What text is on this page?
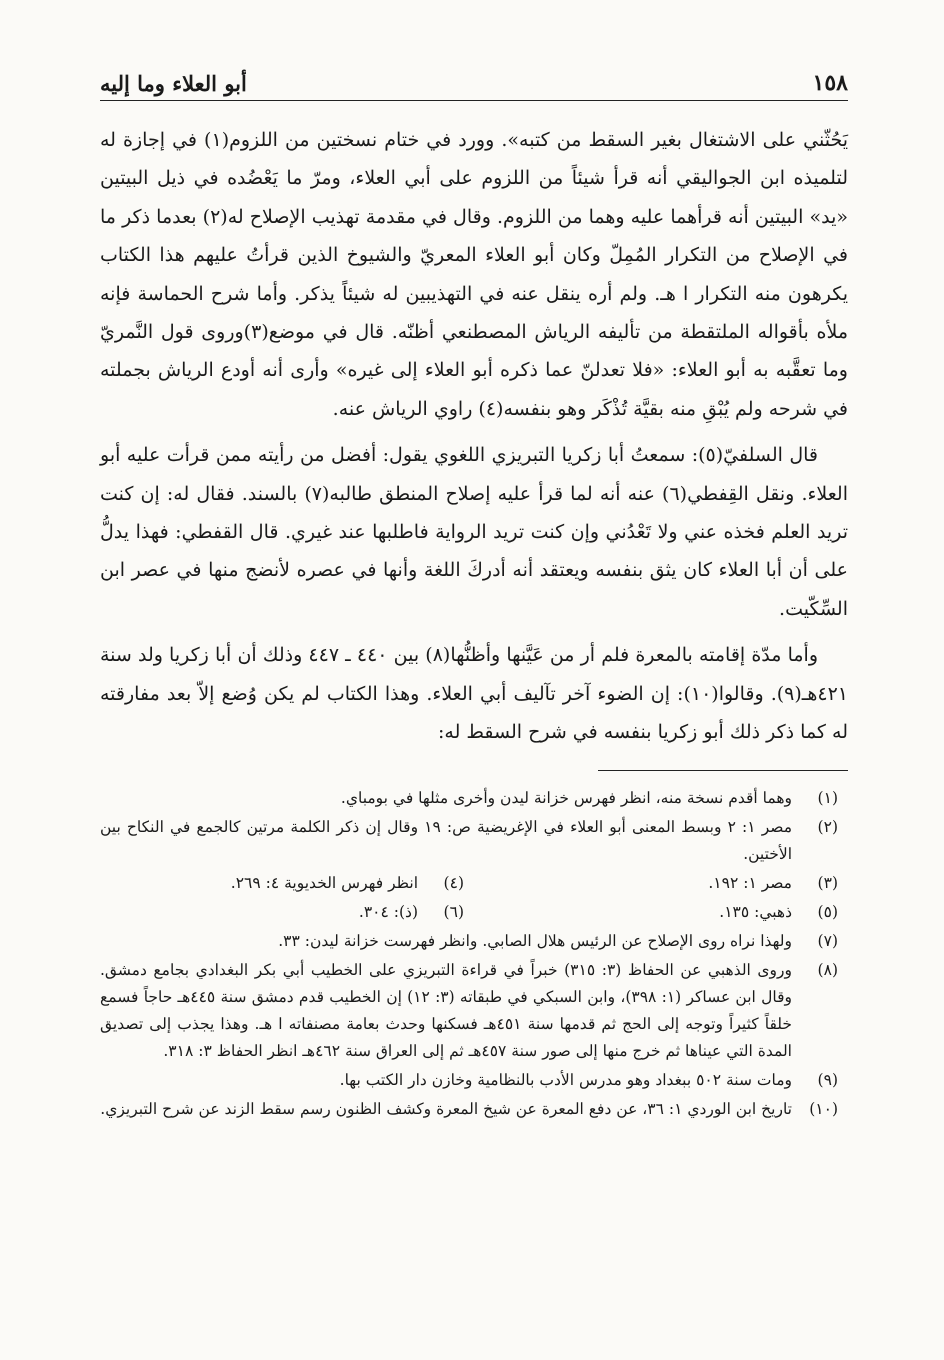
١٥٨
أبو العلاء وما إليه

يَحُثّني على الاشتغال بغير السقط من كتبه». وورد في ختام نسختين من اللزوم(١) في إجازة له لتلميذه ابن الجواليقي أنه قرأ شيئاً من اللزوم على أبي العلاء، ومرّ ما يَعْضُده في ذيل البيتين «يد» البيتين أنه قرأهما عليه وهما من اللزوم. وقال في مقدمة تهذيب الإصلاح له(٢) بعدما ذكر ما في الإصلاح من التكرار المُمِلّ وكان أبو العلاء المعريّ والشيوخ الذين قرأتُ عليهم هذا الكتاب يكرهون منه التكرار ا هـ. ولم أره ينقل عنه في التهذيبين له شيئاً يذكر. وأما شرح الحماسة فإنه ملأه بأقواله الملتقطة من تأليفه الرياش المصطنعي أظنّه. قال في موضع(٣)وروى قول النَّمريّ وما تعقَّبه به أبو العلاء: «فلا تعدلنّ عما ذكره أبو العلاء إلى غيره» وأرى أنه أودع الرياش بجملته في شرحه ولم يُبْقِ منه بقيَّة تُذْكَر وهو بنفسه(٤) راوي الرياش عنه.

قال السلفيّ(٥): سمعتُ أبا زكريا التبريزي اللغوي يقول: أفضل من رأيته ممن قرأت عليه أبو العلاء. ونقل القِفطي(٦) عنه أنه لما قرأ عليه إصلاح المنطق طالبه(٧) بالسند. فقال له: إن كنت تريد العلم فخذه عني ولا تَعْدُني وإن كنت تريد الرواية فاطلبها عند غيري. قال القفطي: فهذا يدلُّ على أن أبا العلاء كان يثق بنفسه ويعتقد أنه أدركَ اللغة وأنها في عصره لأنضج منها في عصر ابن السِّكّيت.

وأما مدّة إقامته بالمعرة فلم أر من عَيَّنها وأظنُّها(٨) بين ٤٤٠ ـ ٤٤٧ وذلك أن أبا زكريا ولد سنة ٤٢١هـ(٩). وقالوا(١٠): إن الضوء آخر تآليف أبي العلاء. وهذا الكتاب لم يكن وُضع إلاّ بعد مفارقته له كما ذكر ذلك أبو زكريا بنفسه في شرح السقط له:

(١)
وهما أقدم نسخة منه، انظر فهرس خزانة ليدن وأخرى مثلها في بومباي.
(٢)
مصر ١: ٢ وبسط المعنى أبو العلاء في الإغريضية ص: ١٩ وقال إن ذكر الكلمة مرتين كالجمع في النكاح بين الأختين.
(٣)
مصر ١: ١٩٢.
(٤)
انظر فهرس الخديوية ٤: ٢٦٩.
(٥)
ذهبي: ١٣٥.
(٦)
(ذ): ٣٠٤.
(٧)
ولهذا نراه روى الإصلاح عن الرئيس هلال الصابي. وانظر فهرست خزانة ليدن: ٣٣.
(٨)
وروى الذهبي عن الحفاظ (٣: ٣١٥) خبراً في قراءة التبريزي على الخطيب أبي بكر البغدادي بجامع دمشق. وقال ابن عساكر (١: ٣٩٨)، وابن السبكي في طبقاته (٣: ١٢) إن الخطيب قدم دمشق سنة ٤٤٥هـ حاجاً فسمع خلقاً كثيراً وتوجه إلى الحج ثم قدمها سنة ٤٥١هـ فسكنها وحدث بعامة مصنفاته ا هـ. وهذا يجذب إلى تصديق المدة التي عيناها ثم خرج منها إلى صور سنة ٤٥٧هـ ثم إلى العراق سنة ٤٦٢هـ انظر الحفاظ ٣: ٣١٨.
(٩)
ومات سنة ٥٠٢ ببغداد وهو مدرس الأدب بالنظامية وخازن دار الكتب بها.
(١٠)
تاريخ ابن الوردي ١: ٣٦، عن دفع المعرة عن شيخ المعرة وكشف الظنون رسم سقط الزند عن شرح التبريزي.
